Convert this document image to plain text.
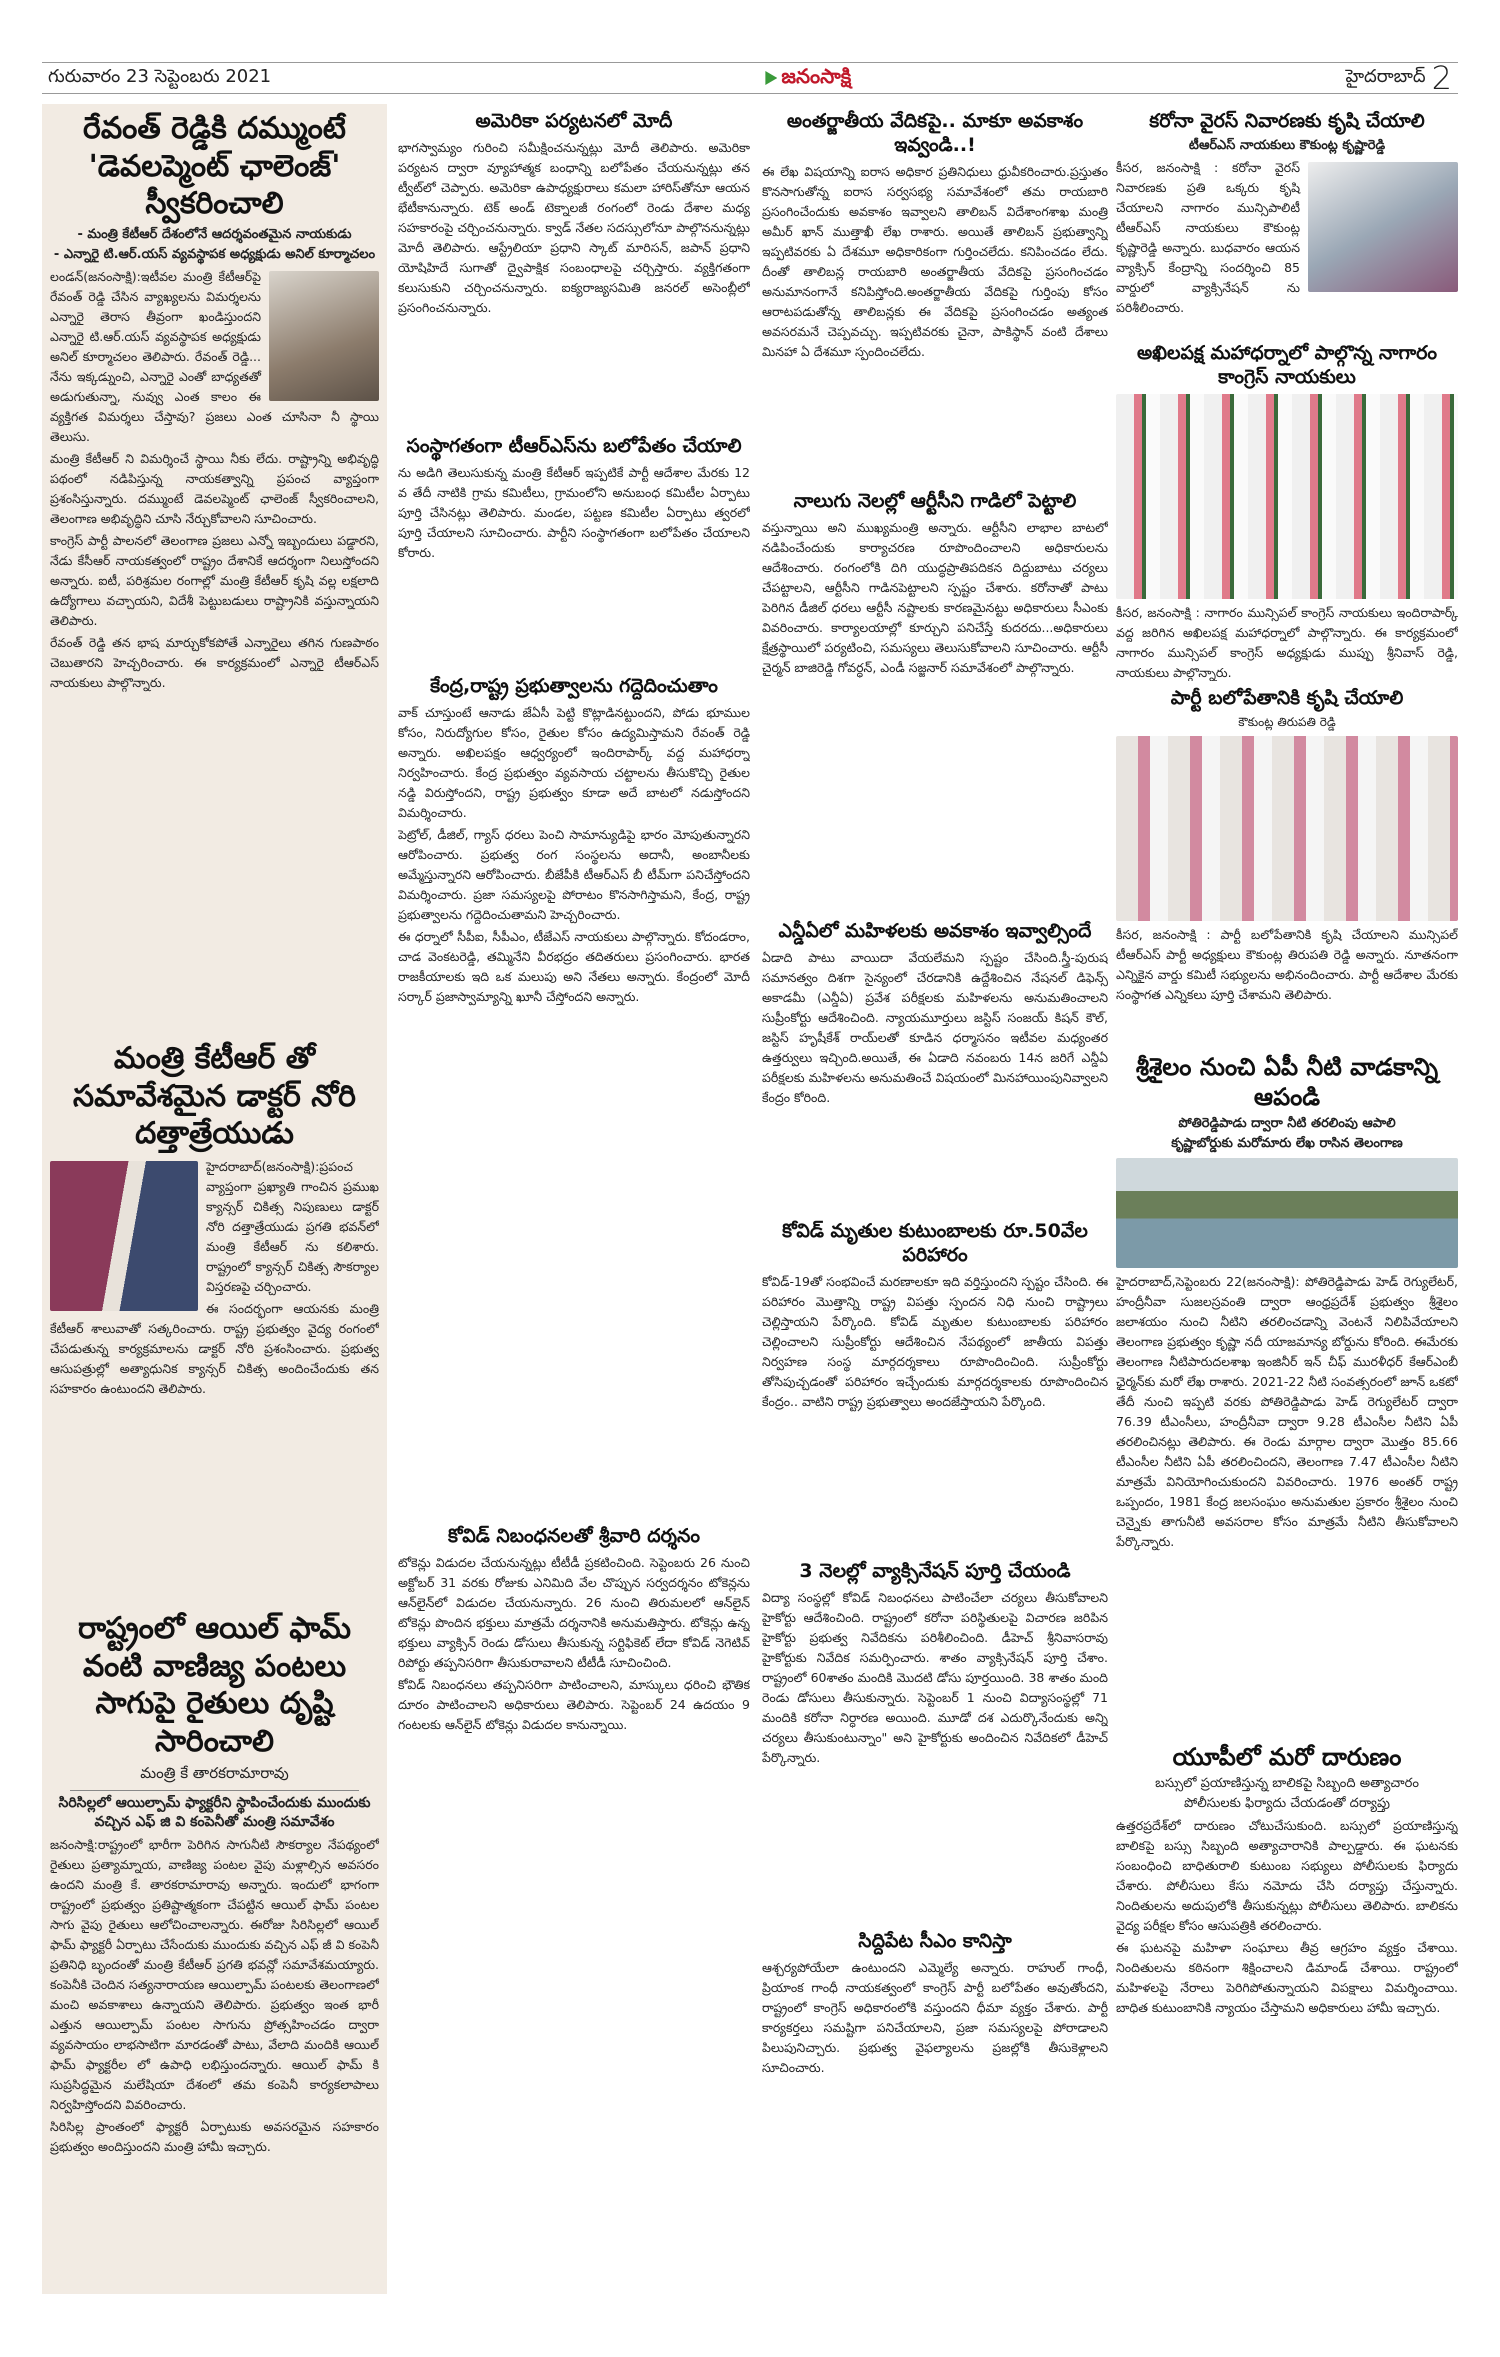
గురువారం 23 సెప్టెంబరు 2021	జనంసాక్షి	హైదరాబాద్ 2
రేవంత్ రెడ్డికి దమ్ముంటే 'డెవలప్మెంట్ ఛాలెంజ్' స్వీకరించాలి
- మంత్రి కేటీఆర్ దేశంలోనే ఆదర్శవంతమైన నాయకుడు
- ఎన్నారై టి.ఆర్.యస్ వ్యవస్థాపక అధ్యక్షుడు అనిల్ కూర్మాచలం

లండన్(జనంసాక్షి):ఇటీవల మంత్రి కేటీఆర్‌పై రేవంత్ రెడ్డి చేసిన వ్యాఖ్యలను విమర్శలను ఎన్నారై తెరాస తీవ్రంగా ఖండిస్తుందని ఎన్నారై టి.ఆర్.యస్ వ్యవస్థాపక అధ్యక్షుడు అనిల్ కూర్మాచలం తెలిపారు. రేవంత్ రెడ్డి... నేను ఇక్కడ్నుంచి, ఎన్నారై ఎంతో బాధ్యతతో అడుగుతున్నా, నువ్వు ఎంత కాలం ఈ వ్యక్తిగత విమర్శలు చేస్తావు? ప్రజలు ఎంత చూసినా నీ స్థాయి తెలుసు.

మంత్రి కేటీఆర్ ని విమర్శించే స్థాయి నీకు లేదు. రాష్ట్రాన్ని అభివృద్ధి పథంలో నడిపిస్తున్న నాయకత్వాన్ని ప్రపంచ వ్యాప్తంగా ప్రశంసిస్తున్నారు. దమ్ముంటే డెవలప్మెంట్ ఛాలెంజ్ స్వీకరించాలని, తెలంగాణ అభివృద్ధిని చూసి నేర్చుకోవాలని సూచించారు.

కాంగ్రెస్ పార్టీ పాలనలో తెలంగాణ ప్రజలు ఎన్నో ఇబ్బందులు పడ్డారని, నేడు కేసీఆర్ నాయకత్వంలో రాష్ట్రం దేశానికే ఆదర్శంగా నిలుస్తోందని అన్నారు. ఐటీ, పరిశ్రమల రంగాల్లో మంత్రి కేటీఆర్ కృషి వల్ల లక్షలాది ఉద్యోగాలు వచ్చాయని, విదేశీ పెట్టుబడులు రాష్ట్రానికి వస్తున్నాయని తెలిపారు.

రేవంత్ రెడ్డి తన భాష మార్చుకోకపోతే ఎన్నారైలు తగిన గుణపాఠం చెబుతారని హెచ్చరించారు. ఈ కార్యక్రమంలో ఎన్నారై టీఆర్ఎస్ నాయకులు పాల్గొన్నారు.

మంత్రి కేటీఆర్ తో సమావేశమైన డాక్టర్ నోరి దత్తాత్రేయుడు

హైదరాబాద్(జనంసాక్షి):ప్రపంచ వ్యాప్తంగా ప్రఖ్యాతి గాంచిన ప్రముఖ క్యాన్సర్ చికిత్స నిపుణులు డాక్టర్ నోరి దత్తాత్రేయుడు ప్రగతి భవన్‌లో మంత్రి కేటీఆర్ ను కలిశారు. రాష్ట్రంలో క్యాన్సర్ చికిత్స సౌకర్యాల విస్తరణపై చర్చించారు.

ఈ సందర్భంగా ఆయనకు మంత్రి కేటీఆర్ శాలువాతో సత్కరించారు. రాష్ట్ర ప్రభుత్వం వైద్య రంగంలో చేపడుతున్న కార్యక్రమాలను డాక్టర్ నోరి ప్రశంసించారు. ప్రభుత్వ ఆసుపత్రుల్లో అత్యాధునిక క్యాన్సర్ చికిత్స అందించేందుకు తన సహకారం ఉంటుందని తెలిపారు.

రాష్ట్రంలో ఆయిల్ ఫామ్ వంటి వాణిజ్య పంటలు సాగుపై రైతులు దృష్టి సారించాలి
మంత్రి కే తారకరామారావు
సిరిసిల్లలో ఆయిల్పామ్ ఫ్యాక్టరీని స్థాపించేందుకు ముందుకు వచ్చిన ఎఫ్ జి వి కంపెనీతో మంత్రి సమావేశం

జనంసాక్షి:రాష్ట్రంలో భారీగా పెరిగిన సాగునీటి సౌకర్యాల నేపథ్యంలో రైతులు ప్రత్యామ్నాయ, వాణిజ్య పంటల వైపు మళ్లాల్సిన అవసరం ఉందని మంత్రి కే. తారకరామారావు అన్నారు. ఇందులో భాగంగా రాష్ట్రంలో ప్రభుత్వం ప్రతిష్టాత్మకంగా చేపట్టిన ఆయిల్ ఫామ్ పంటల సాగు వైపు రైతులు ఆలోచించాలన్నారు. ఈరోజు సిరిసిల్లలో ఆయిల్ ఫామ్ ఫ్యాక్టరీ ఏర్పాటు చేసేందుకు ముందుకు వచ్చిన ఎఫ్ జీ వి కంపెనీ ప్రతినిధి బృందంతో మంత్రి కేటీఆర్ ప్రగతి భవన్లో సమావేశమయ్యారు. కంపెనీకి చెందిన సత్యనారాయణ ఆయిల్పామ్ పంటలకు తెలంగాణలో మంచి అవకాశాలు ఉన్నాయని తెలిపారు. ప్రభుత్వం ఇంత భారీ ఎత్తున ఆయిల్పామ్ పంటల సాగును ప్రోత్సహించడం ద్వారా వ్యవసాయం లాభసాటిగా మారడంతో పాటు, వేలాది మందికి ఆయిల్ ఫామ్ ఫ్యాక్టరీల లో ఉపాధి లభిస్తుందన్నారు. ఆయిల్ ఫామ్ కి సుప్రసిద్ధమైన మలేషియా దేశంలో తమ కంపెనీ కార్యకలాపాలు నిర్వహిస్తోందని వివరించారు.

సిరిసిల్ల ప్రాంతంలో ఫ్యాక్టరీ ఏర్పాటుకు అవసరమైన సహకారం ప్రభుత్వం అందిస్తుందని మంత్రి హామీ ఇచ్చారు.

అమెరికా పర్యటనలో మోదీ

భాగస్వామ్యం గురించి సమీక్షించనున్నట్లు మోదీ తెలిపారు. అమెరికా పర్యటన ద్వారా వ్యూహాత్మక బంధాన్ని బలోపేతం చేయనున్నట్లు తన ట్వీట్‌లో చెప్పారు. అమెరికా ఉపాధ్యక్షురాలు కమలా హారిస్‌తోనూ ఆయన భేటీకానున్నారు. టెక్ అండ్ టెక్నాలజీ రంగంలో రెండు దేశాల మధ్య సహకారంపై చర్చించనున్నారు. క్వాడ్ నేతల సదస్సులోనూ పాల్గొననున్నట్లు మోదీ తెలిపారు. ఆస్ట్రేలియా ప్రధాని స్కాట్ మారిసన్, జపాన్ ప్రధాని యోషిహిదే సుగాతో ద్వైపాక్షిక సంబంధాలపై చర్చిస్తారు. వ్యక్తిగతంగా కలుసుకుని చర్చించనున్నారు. ఐక్యరాజ్యసమితి జనరల్ అసెంబ్లీలో ప్రసంగించనున్నారు.

సంస్థాగతంగా టీఆర్ఎస్‌ను బలోపేతం చేయాలి

ను అడిగి తెలుసుకున్న మంత్రి కేటీఆర్ ఇప్పటికే పార్టీ ఆదేశాల మేరకు 12 వ తేదీ నాటికి గ్రామ కమిటీలు, గ్రామంలోని అనుబంధ కమిటీల ఏర్పాటు పూర్తి చేసినట్లు తెలిపారు. మండల, పట్టణ కమిటీల ఏర్పాటు త్వరలో పూర్తి చేయాలని సూచించారు. పార్టీని సంస్థాగతంగా బలోపేతం చేయాలని కోరారు.

కేంద్ర,రాష్ట్ర ప్రభుత్వాలను గద్దెదించుతాం

వాక్ చూస్తుంటే ఆనాడు జేఏసీ పెట్టి కొట్లాడినట్టుందని, పోడు భూముల కోసం, నిరుద్యోగుల కోసం, రైతుల కోసం ఉద్యమిస్తామని రేవంత్ రెడ్డి అన్నారు. అఖిలపక్షం ఆధ్వర్యంలో ఇందిరాపార్క్ వద్ద మహాధర్నా నిర్వహించారు. కేంద్ర ప్రభుత్వం వ్యవసాయ చట్టాలను తీసుకొచ్చి రైతుల నడ్డి విరుస్తోందని, రాష్ట్ర ప్రభుత్వం కూడా అదే బాటలో నడుస్తోందని విమర్శించారు.

పెట్రోల్, డీజిల్, గ్యాస్ ధరలు పెంచి సామాన్యుడిపై భారం మోపుతున్నారని ఆరోపించారు. ప్రభుత్వ రంగ సంస్థలను అదానీ, అంబానీలకు అమ్మేస్తున్నారని ఆరోపించారు. బీజేపీకి టీఆర్ఎస్ బీ టీమ్‌గా పనిచేస్తోందని విమర్శించారు. ప్రజా సమస్యలపై పోరాటం కొనసాగిస్తామని, కేంద్ర, రాష్ట్ర ప్రభుత్వాలను గద్దెదించుతామని హెచ్చరించారు.

ఈ ధర్నాలో సీపీఐ, సీపీఎం, టీజేఎస్ నాయకులు పాల్గొన్నారు. కోదండరాం, చాడ వెంకటరెడ్డి, తమ్మినేని వీరభద్రం తదితరులు ప్రసంగించారు. భారత రాజకీయాలకు ఇది ఒక మలుపు అని నేతలు అన్నారు. కేంద్రంలో మోదీ సర్కార్ ప్రజాస్వామ్యాన్ని ఖూనీ చేస్తోందని అన్నారు.

కోవిడ్ నిబంధనలతో శ్రీవారి దర్శనం

టోకెన్లు విడుదల చేయనున్నట్లు టీటీడీ ప్రకటించింది. సెప్టెంబరు 26 నుంచి అక్టోబర్ 31 వరకు రోజుకు ఎనిమిది వేల చొప్పున సర్వదర్శనం టోకెన్లను ఆన్‌లైన్‌లో విడుదల చేయనున్నారు. 26 నుంచి తిరుమలలో ఆన్‌లైన్ టోకెన్లు పొందిన భక్తులు మాత్రమే దర్శనానికి అనుమతిస్తారు. టోకెన్లు ఉన్న భక్తులు వ్యాక్సిన్ రెండు డోసులు తీసుకున్న సర్టిఫికెట్ లేదా కోవిడ్ నెగెటివ్ రిపోర్టు తప్పనిసరిగా తీసుకురావాలని టీటీడీ సూచించింది.

కోవిడ్ నిబంధనలు తప్పనిసరిగా పాటించాలని, మాస్కులు ధరించి భౌతిక దూరం పాటించాలని అధికారులు తెలిపారు. సెప్టెంబర్ 24 ఉదయం 9 గంటలకు ఆన్‌లైన్ టోకెన్లు విడుదల కానున్నాయి.

అంతర్జాతీయ వేదికపై.. మాకూ అవకాశం ఇవ్వండి..!

ఈ లేఖ విషయాన్ని ఐరాస అధికార ప్రతినిధులు ధ్రువీకరించారు.ప్రస్తుతం కొనసాగుతోన్న ఐరాస సర్వసభ్య సమావేశంలో తమ రాయబారి ప్రసంగించేందుకు అవకాశం ఇవ్వాలని తాలిబన్ విదేశాంగశాఖ మంత్రి అమీర్ ఖాన్ ముత్తాఖీ లేఖ రాశారు. అయితే తాలిబన్ ప్రభుత్వాన్ని ఇప్పటివరకు ఏ దేశమూ అధికారికంగా గుర్తించలేదు. కనిపించడం లేదు. దీంతో తాలిబన్ల రాయబారి అంతర్జాతీయ వేదికపై ప్రసంగించడం అనుమానంగానే కనిపిస్తోంది.అంతర్జాతీయ వేదికపై గుర్తింపు కోసం ఆరాటపడుతోన్న తాలిబన్లకు ఈ వేదికపై ప్రసంగించడం అత్యంత అవసరమనే చెప్పవచ్చు. ఇప్పటివరకు చైనా, పాకిస్థాన్ వంటి దేశాలు మినహా ఏ దేశమూ స్పందించలేదు.

నాలుగు నెలల్లో ఆర్టీసీని గాడిలో పెట్టాలి

వస్తున్నాయి అని ముఖ్యమంత్రి అన్నారు. ఆర్టీసీని లాభాల బాటలో నడిపించేందుకు కార్యాచరణ రూపొందించాలని అధికారులను ఆదేశించారు. రంగంలోకి దిగి యుద్ధప్రాతిపదికన దిద్దుబాటు చర్యలు చేపట్టాలని, ఆర్టీసీని గాడినపెట్టాలని స్పష్టం చేశారు. కరోనాతో పాటు పెరిగిన డీజిల్ ధరలు ఆర్టీసీ నష్టాలకు కారణమైనట్టు అధికారులు సీఎంకు వివరించారు. కార్యాలయాల్లో కూర్చుని పనిచేస్తే కుదరదు...అధికారులు క్షేత్రస్థాయిలో పర్యటించి, సమస్యలు తెలుసుకోవాలని సూచించారు. ఆర్టీసీ చైర్మన్ బాజిరెడ్డి గోవర్ధన్, ఎండీ సజ్జనార్ సమావేశంలో పాల్గొన్నారు.

ఎన్డీఏలో మహిళలకు అవకాశం ఇవ్వాల్సిందే

ఏడాది పాటు వాయిదా వేయలేమని స్పష్టం చేసింది.స్త్రీ-పురుష సమానత్వం దిశగా సైన్యంలో చేరడానికి ఉద్దేశించిన నేషనల్ డిఫెన్స్ అకాడమీ (ఎన్డీఏ) ప్రవేశ పరీక్షలకు మహిళలను అనుమతించాలని సుప్రీంకోర్టు ఆదేశించింది. న్యాయమూర్తులు జస్టిస్ సంజయ్ కిషన్ కౌల్, జస్టిస్ హృషీకేశ్ రాయ్‌లతో కూడిన ధర్మాసనం ఇటీవల మధ్యంతర ఉత్తర్వులు ఇచ్చింది.అయితే, ఈ ఏడాది నవంబరు 14న జరిగే ఎన్డీఏ పరీక్షలకు మహిళలను అనుమతించే విషయంలో మినహాయింపునివ్వాలని కేంద్రం కోరింది.

కోవిడ్ మృతుల కుటుంబాలకు రూ.50వేల పరిహారం

కోవిడ్-19తో సంభవించే మరణాలకూ ఇది వర్తిస్తుందని స్పష్టం చేసింది. ఈ పరిహారం మొత్తాన్ని రాష్ట్ర విపత్తు స్పందన నిధి నుంచి రాష్ట్రాలు చెల్లిస్తాయని పేర్కొంది. కోవిడ్ మృతుల కుటుంబాలకు పరిహారం చెల్లించాలని సుప్రీంకోర్టు ఆదేశించిన నేపథ్యంలో జాతీయ విపత్తు నిర్వహణ సంస్థ మార్గదర్శకాలు రూపొందించింది. సుప్రీంకోర్టు తోసిపుచ్చడంతో పరిహారం ఇచ్చేందుకు మార్గదర్శకాలకు రూపొందించిన కేంద్రం.. వాటిని రాష్ట్ర ప్రభుత్వాలు అందజేస్తాయని పేర్కొంది.

3 నెలల్లో వ్యాక్సినేషన్ పూర్తి చేయండి

విద్యా సంస్థల్లో కోవిడ్ నిబంధనలు పాటించేలా చర్యలు తీసుకోవాలని హైకోర్టు ఆదేశించింది. రాష్ట్రంలో కరోనా పరిస్థితులపై విచారణ జరిపిన హైకోర్టు ప్రభుత్వ నివేదికను పరిశీలించింది. డీహెచ్ శ్రీనివాసరావు హైకోర్టుకు నివేదిక సమర్పించారు. శాతం వ్యాక్సినేషన్ పూర్తి చేశాం. రాష్ట్రంలో 60శాతం మందికి మొదటి డోసు పూర్తయింది. 38 శాతం మంది రెండు డోసులు తీసుకున్నారు. సెప్టెంబర్ 1 నుంచి విద్యాసంస్థల్లో 71 మందికి కరోనా నిర్ధారణ అయింది. మూడో దశ ఎదుర్కొనేందుకు అన్ని చర్యలు తీసుకుంటున్నాం" అని హైకోర్టుకు అందించిన నివేదికలో డీహెచ్ పేర్కొన్నారు.

సిద్దిపేట సీఎం కానిస్తా

ఆశ్చర్యపోయేలా ఉంటుందని ఎమ్మెల్యే అన్నారు. రాహుల్ గాంధీ, ప్రియాంక గాంధీ నాయకత్వంలో కాంగ్రెస్ పార్టీ బలోపేతం అవుతోందని, రాష్ట్రంలో కాంగ్రెస్ అధికారంలోకి వస్తుందని ధీమా వ్యక్తం చేశారు. పార్టీ కార్యకర్తలు సమష్టిగా పనిచేయాలని, ప్రజా సమస్యలపై పోరాడాలని పిలుపునిచ్చారు. ప్రభుత్వ వైఫల్యాలను ప్రజల్లోకి తీసుకెళ్లాలని సూచించారు.

కరోనా వైరస్ నివారణకు కృషి చేయాలి
టీఆర్ఎస్ నాయకులు కౌకుంట్ల కృష్ణారెడ్డి

కీసర, జనంసాక్షి : కరోనా వైరస్ నివారణకు ప్రతి ఒక్కరు కృషి చేయాలని నాగారం మున్సిపాలిటీ టీఆర్ఎస్ నాయకులు కౌకుంట్ల కృష్ణారెడ్డి అన్నారు. బుధవారం ఆయన వ్యాక్సిన్ కేంద్రాన్ని సందర్శించి 85 వార్డులో వ్యాక్సినేషన్ ను పరిశీలించారు.

అఖిలపక్ష మహాధర్నాలో పాల్గొన్న నాగారం కాంగ్రెస్ నాయకులు

కీసర, జనంసాక్షి : నాగారం మున్సిపల్ కాంగ్రెస్ నాయకులు ఇందిరాపార్క్ వద్ద జరిగిన అఖిలపక్ష మహాధర్నాలో పాల్గొన్నారు. ఈ కార్యక్రమంలో నాగారం మున్సిపల్ కాంగ్రెస్ అధ్యక్షుడు ముప్పు శ్రీనివాస్ రెడ్డి, నాయకులు పాల్గొన్నారు.

పార్టీ బలోపేతానికి కృషి చేయాలి
కౌకుంట్ల తిరుపతి రెడ్డి

కీసర, జనంసాక్షి : పార్టీ బలోపేతానికి కృషి చేయాలని మున్సిపల్ టీఆర్ఎస్ పార్టీ అధ్యక్షులు కౌకుంట్ల తిరుపతి రెడ్డి అన్నారు. నూతనంగా ఎన్నికైన వార్డు కమిటీ సభ్యులను అభినందించారు. పార్టీ ఆదేశాల మేరకు సంస్థాగత ఎన్నికలు పూర్తి చేశామని తెలిపారు.

శ్రీశైలం నుంచి ఏపీ నీటి వాడకాన్ని ఆపండి
పోతిరెడ్డిపాడు ద్వారా నీటి తరలింపు ఆపాలి
కృష్ణాబోర్డుకు మరోమారు లేఖ రాసిన తెలంగాణ

హైదరాబాద్,సెప్టెంబరు 22(జనంసాక్షి): పోతిరెడ్డిపాడు హెడ్ రెగ్యులేటర్, హంద్రీనీవా సుజలస్రవంతి ద్వారా ఆంధ్రప్రదేశ్ ప్రభుత్వం శ్రీశైలం జలాశయం నుంచి నీటిని తరలించడాన్ని వెంటనే నిలిపివేయాలని తెలంగాణ ప్రభుత్వం కృష్ణా నదీ యాజమాన్య బోర్డును కోరింది. ఈమేరకు తెలంగాణ నీటిపారుదలశాఖ ఇంజినీర్ ఇన్ చీఫ్ మురళీధర్ కేఆర్ఎంబీ ఛైర్మన్‌కు మరో లేఖ రాశారు. 2021-22 నీటి సంవత్సరంలో జూన్ ఒకటో తేదీ నుంచి ఇప్పటి వరకు పోతిరెడ్డిపాడు హెడ్ రెగ్యులేటర్ ద్వారా 76.39 టీఎంసీలు, హంద్రీనీవా ద్వారా 9.28 టీఎంసీల నీటిని ఏపీ తరలించినట్లు తెలిపారు. ఈ రెండు మార్గాల ద్వారా మొత్తం 85.66 టీఎంసీల నీటిని ఏపీ తరలించిందని, తెలంగాణ 7.47 టీఎంసీల నీటిని మాత్రమే వినియోగించుకుందని వివరించారు. 1976 అంతర్ రాష్ట్ర ఒప్పందం, 1981 కేంద్ర జలసంఘం అనుమతుల ప్రకారం శ్రీశైలం నుంచి చెన్నైకు తాగునీటి అవసరాల కోసం మాత్రమే నీటిని తీసుకోవాలని పేర్కొన్నారు.

యూపీలో మరో దారుణం
బస్సులో ప్రయాణిస్తున్న బాలికపై సిబ్బంది అత్యాచారం
పోలీసులకు ఫిర్యాదు చేయడంతో దర్యాప్తు

ఉత్తరప్రదేశ్‌లో దారుణం చోటుచేసుకుంది. బస్సులో ప్రయాణిస్తున్న బాలికపై బస్సు సిబ్బంది అత్యాచారానికి పాల్పడ్డారు. ఈ ఘటనకు సంబంధించి బాధితురాలి కుటుంబ సభ్యులు పోలీసులకు ఫిర్యాదు చేశారు. పోలీసులు కేసు నమోదు చేసి దర్యాప్తు చేస్తున్నారు. నిందితులను అదుపులోకి తీసుకున్నట్లు పోలీసులు తెలిపారు. బాలికను వైద్య పరీక్షల కోసం ఆసుపత్రికి తరలించారు.

ఈ ఘటనపై మహిళా సంఘాలు తీవ్ర ఆగ్రహం వ్యక్తం చేశాయి. నిందితులను కఠినంగా శిక్షించాలని డిమాండ్ చేశాయి. రాష్ట్రంలో మహిళలపై నేరాలు పెరిగిపోతున్నాయని విపక్షాలు విమర్శించాయి. బాధిత కుటుంబానికి న్యాయం చేస్తామని అధికారులు హామీ ఇచ్చారు.
